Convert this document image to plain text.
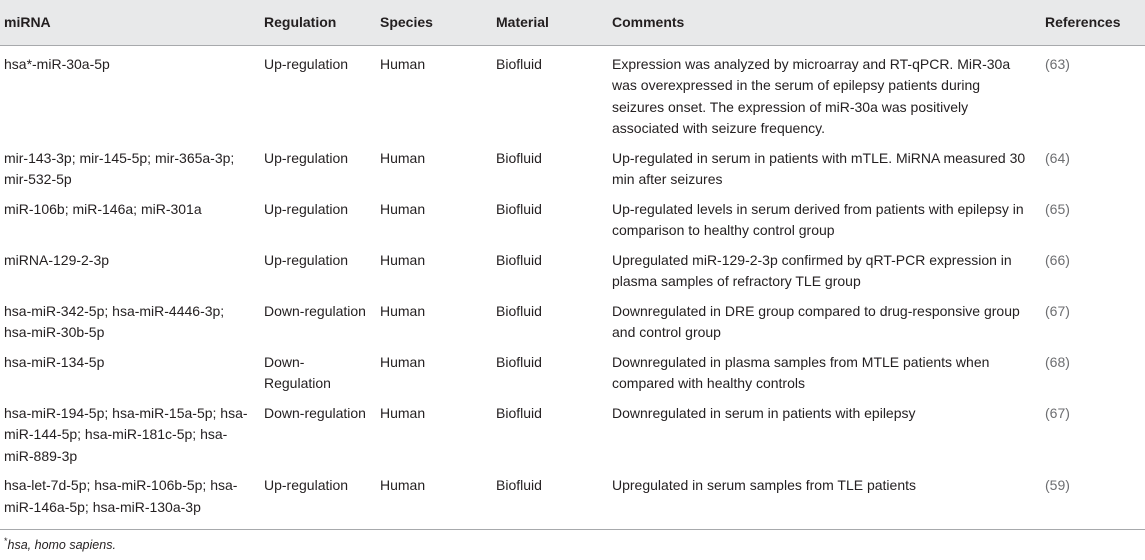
miRNA	Regulation	Species	Material	Comments	References
hsa*-miR-30a-5p	Up-regulation	Human	Biofluid	Expression was analyzed by microarray and RT-qPCR. MiR-30a was overexpressed in the serum of epilepsy patients during seizures onset. The expression of miR-30a was positively associated with seizure frequency.	(63)
mir-143-3p; mir-145-5p; mir-365a-3p; mir-532-5p	Up-regulation	Human	Biofluid	Up-regulated in serum in patients with mTLE. MiRNA measured 30 min after seizures	(64)
miR-106b; miR-146a; miR-301a	Up-regulation	Human	Biofluid	Up-regulated levels in serum derived from patients with epilepsy in comparison to healthy control group	(65)
miRNA-129-2-3p	Up-regulation	Human	Biofluid	Upregulated miR-129-2-3p confirmed by qRT-PCR expression in plasma samples of refractory TLE group	(66)
hsa-miR-342-5p; hsa-miR-4446-3p; hsa-miR-30b-5p	Down-regulation	Human	Biofluid	Downregulated in DRE group compared to drug-responsive group and control group	(67)
hsa-miR-134-5p	Down-Regulation	Human	Biofluid	Downregulated in plasma samples from MTLE patients when compared with healthy controls	(68)
hsa-miR-194-5p; hsa-miR-15a-5p; hsa-miR-144-5p; hsa-miR-181c-5p; hsa-miR-889-3p	Down-regulation	Human	Biofluid	Downregulated in serum in patients with epilepsy	(67)
hsa-let-7d-5p; hsa-miR-106b-5p; hsa-miR-146a-5p; hsa-miR-130a-3p	Up-regulation	Human	Biofluid	Upregulated in serum samples from TLE patients	(59)
*hsa, homo sapiens.
